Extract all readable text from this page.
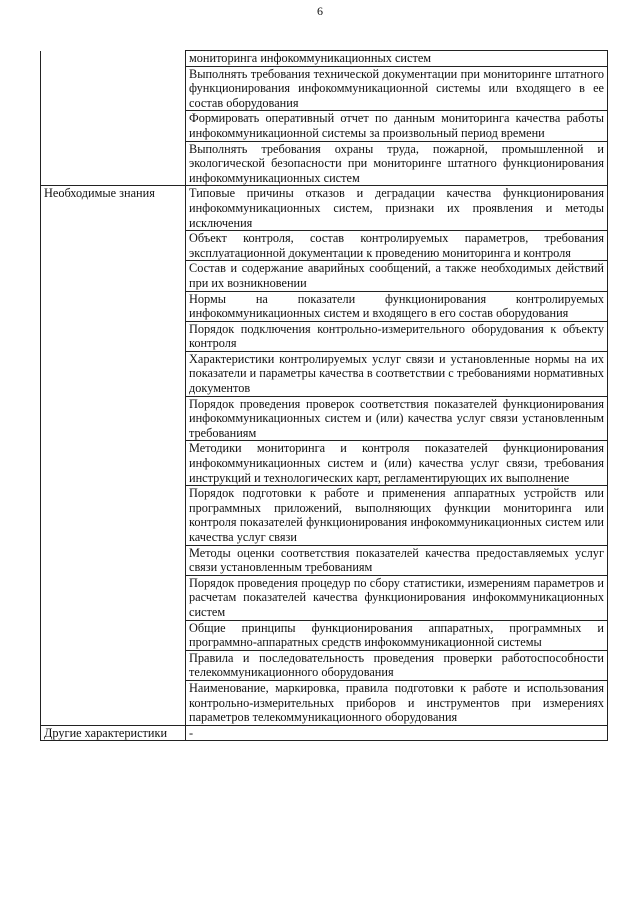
6
	мониторинга инфокоммуникационных систем
	Выполнять требования технической документации при мониторинге штатного функционирования инфокоммуникационной системы или входящего в ее состав оборудования
	Формировать оперативный отчет по данным мониторинга качества работы инфокоммуникационной системы за произвольный период времени
	Выполнять требования охраны труда, пожарной, промышленной и экологической безопасности при мониторинге штатного функционирования инфокоммуникационных систем
Необходимые знания	Типовые причины отказов и деградации качества функционирования инфокоммуникационных систем, признаки их проявления и методы исключения
	Объект контроля, состав контролируемых параметров, требования эксплуатационной документации к проведению мониторинга и контроля
	Состав и содержание аварийных сообщений, а также необходимых действий при их возникновении
	Нормы на показатели функционирования контролируемых инфокоммуникационных систем и входящего в его состав оборудования
	Порядок подключения контрольно-измерительного оборудования к объекту контроля
	Характеристики контролируемых услуг связи и установленные нормы на их показатели и параметры качества в соответствии с требованиями нормативных документов
	Порядок проведения проверок соответствия показателей функционирования инфокоммуникационных систем и (или) качества услуг связи установленным требованиям
	Методики мониторинга и контроля показателей функционирования инфокоммуникационных систем и (или) качества услуг связи, требования инструкций и технологических карт, регламентирующих их выполнение
	Порядок подготовки к работе и применения аппаратных устройств или программных приложений, выполняющих функции мониторинга или контроля показателей функционирования инфокоммуникационных систем или качества услуг связи
	Методы оценки соответствия показателей качества предоставляемых услуг связи установленным требованиям
	Порядок проведения процедур по сбору статистики, измерениям параметров и расчетам показателей качества функционирования инфокоммуникационных систем
	Общие принципы функционирования аппаратных, программных и программно-аппаратных средств инфокоммуникационной системы
	Правила и последовательность проведения проверки работоспособности телекоммуникационного оборудования
	Наименование, маркировка, правила подготовки к работе и использования контрольно-измерительных приборов и инструментов при измерениях параметров телекоммуникационного оборудования
Другие характеристики	-
